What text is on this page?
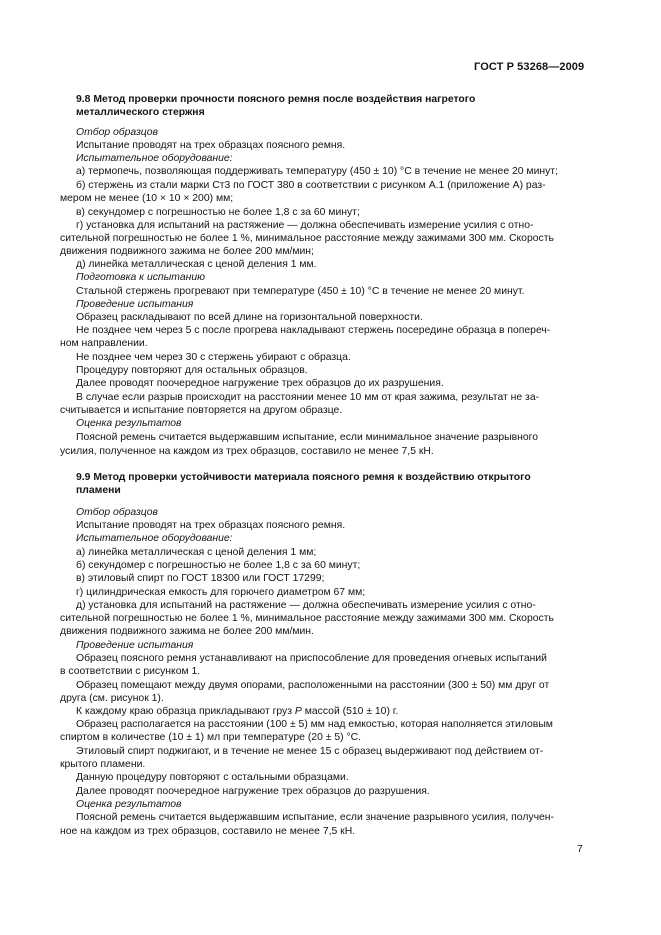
ГОСТ Р 53268—2009
9.8 Метод проверки прочности поясного ремня после воздействия нагретого
металлического стержня
Отбор образцов
Испытание проводят на трех образцах поясного ремня.
Испытательное оборудование:
а) термопечь, позволяющая поддерживать температуру (450 ± 10) °С в течение не менее 20 минут;
б) стержень из стали марки Ст3 по ГОСТ 380 в соответствии с рисунком А.1 (приложение А) раз-
мером не менее (10 × 10 × 200) мм;
в) секундомер с погрешностью не более 1,8 с за 60 минут;
г) установка для испытаний на растяжение — должна обеспечивать измерение усилия с отно-
сительной погрешностью не более 1 %, минимальное расстояние между зажимами 300 мм. Скорость
движения подвижного зажима не более 200 мм/мин;
д) линейка металлическая с ценой деления 1 мм.
Подготовка к испытанию
Стальной стержень прогревают при температуре (450 ± 10) °С в течение не менее 20 минут.
Проведение испытания
Образец раскладывают по всей длине на горизонтальной поверхности.
Не позднее чем через 5 с после прогрева накладывают стержень посередине образца в попереч-
ном направлении.
Не позднее чем через 30 с стержень убирают с образца.
Процедуру повторяют для остальных образцов.
Далее проводят поочередное нагружение трех образцов до их разрушения.
В случае если разрыв происходит на расстоянии менее 10 мм от края зажима, результат не за-
считывается и испытание повторяется на другом образце.
Оценка результатов
Поясной ремень считается выдержавшим испытание, если минимальное значение разрывного
усилия, полученное на каждом из трех образцов, составило не менее 7,5 кН.
9.9 Метод проверки устойчивости материала поясного ремня к воздействию открытого
пламени
Отбор образцов
Испытание проводят на трех образцах поясного ремня.
Испытательное оборудование:
а) линейка металлическая с ценой деления 1 мм;
б) секундомер с погрешностью не более 1,8 с за 60 минут;
в) этиловый спирт по ГОСТ 18300 или ГОСТ 17299;
г) цилиндрическая емкость для горючего диаметром 67 мм;
д) установка для испытаний на растяжение — должна обеспечивать измерение усилия с отно-
сительной погрешностью не более 1 %, минимальное расстояние между зажимами 300 мм. Скорость
движения подвижного зажима не более 200 мм/мин.
Проведение испытания
Образец поясного ремня устанавливают на приспособление для проведения огневых испытаний
в соответствии с рисунком 1.
Образец помещают между двумя опорами, расположенными на расстоянии (300 ± 50) мм друг от
друга (см. рисунок 1).
К каждому краю образца прикладывают груз P массой (510 ± 10) г.
Образец располагается на расстоянии (100 ± 5) мм над емкостью, которая наполняется этиловым
спиртом в количестве (10 ± 1) мл при температуре (20 ± 5) °С.
Этиловый спирт поджигают, и в течение не менее 15 с образец выдерживают под действием от-
крытого пламени.
Данную процедуру повторяют с остальными образцами.
Далее проводят поочередное нагружение трех образцов до разрушения.
Оценка результатов
Поясной ремень считается выдержавшим испытание, если значение разрывного усилия, получен-
ное на каждом из трех образцов, составило не менее 7,5 кН.
7
